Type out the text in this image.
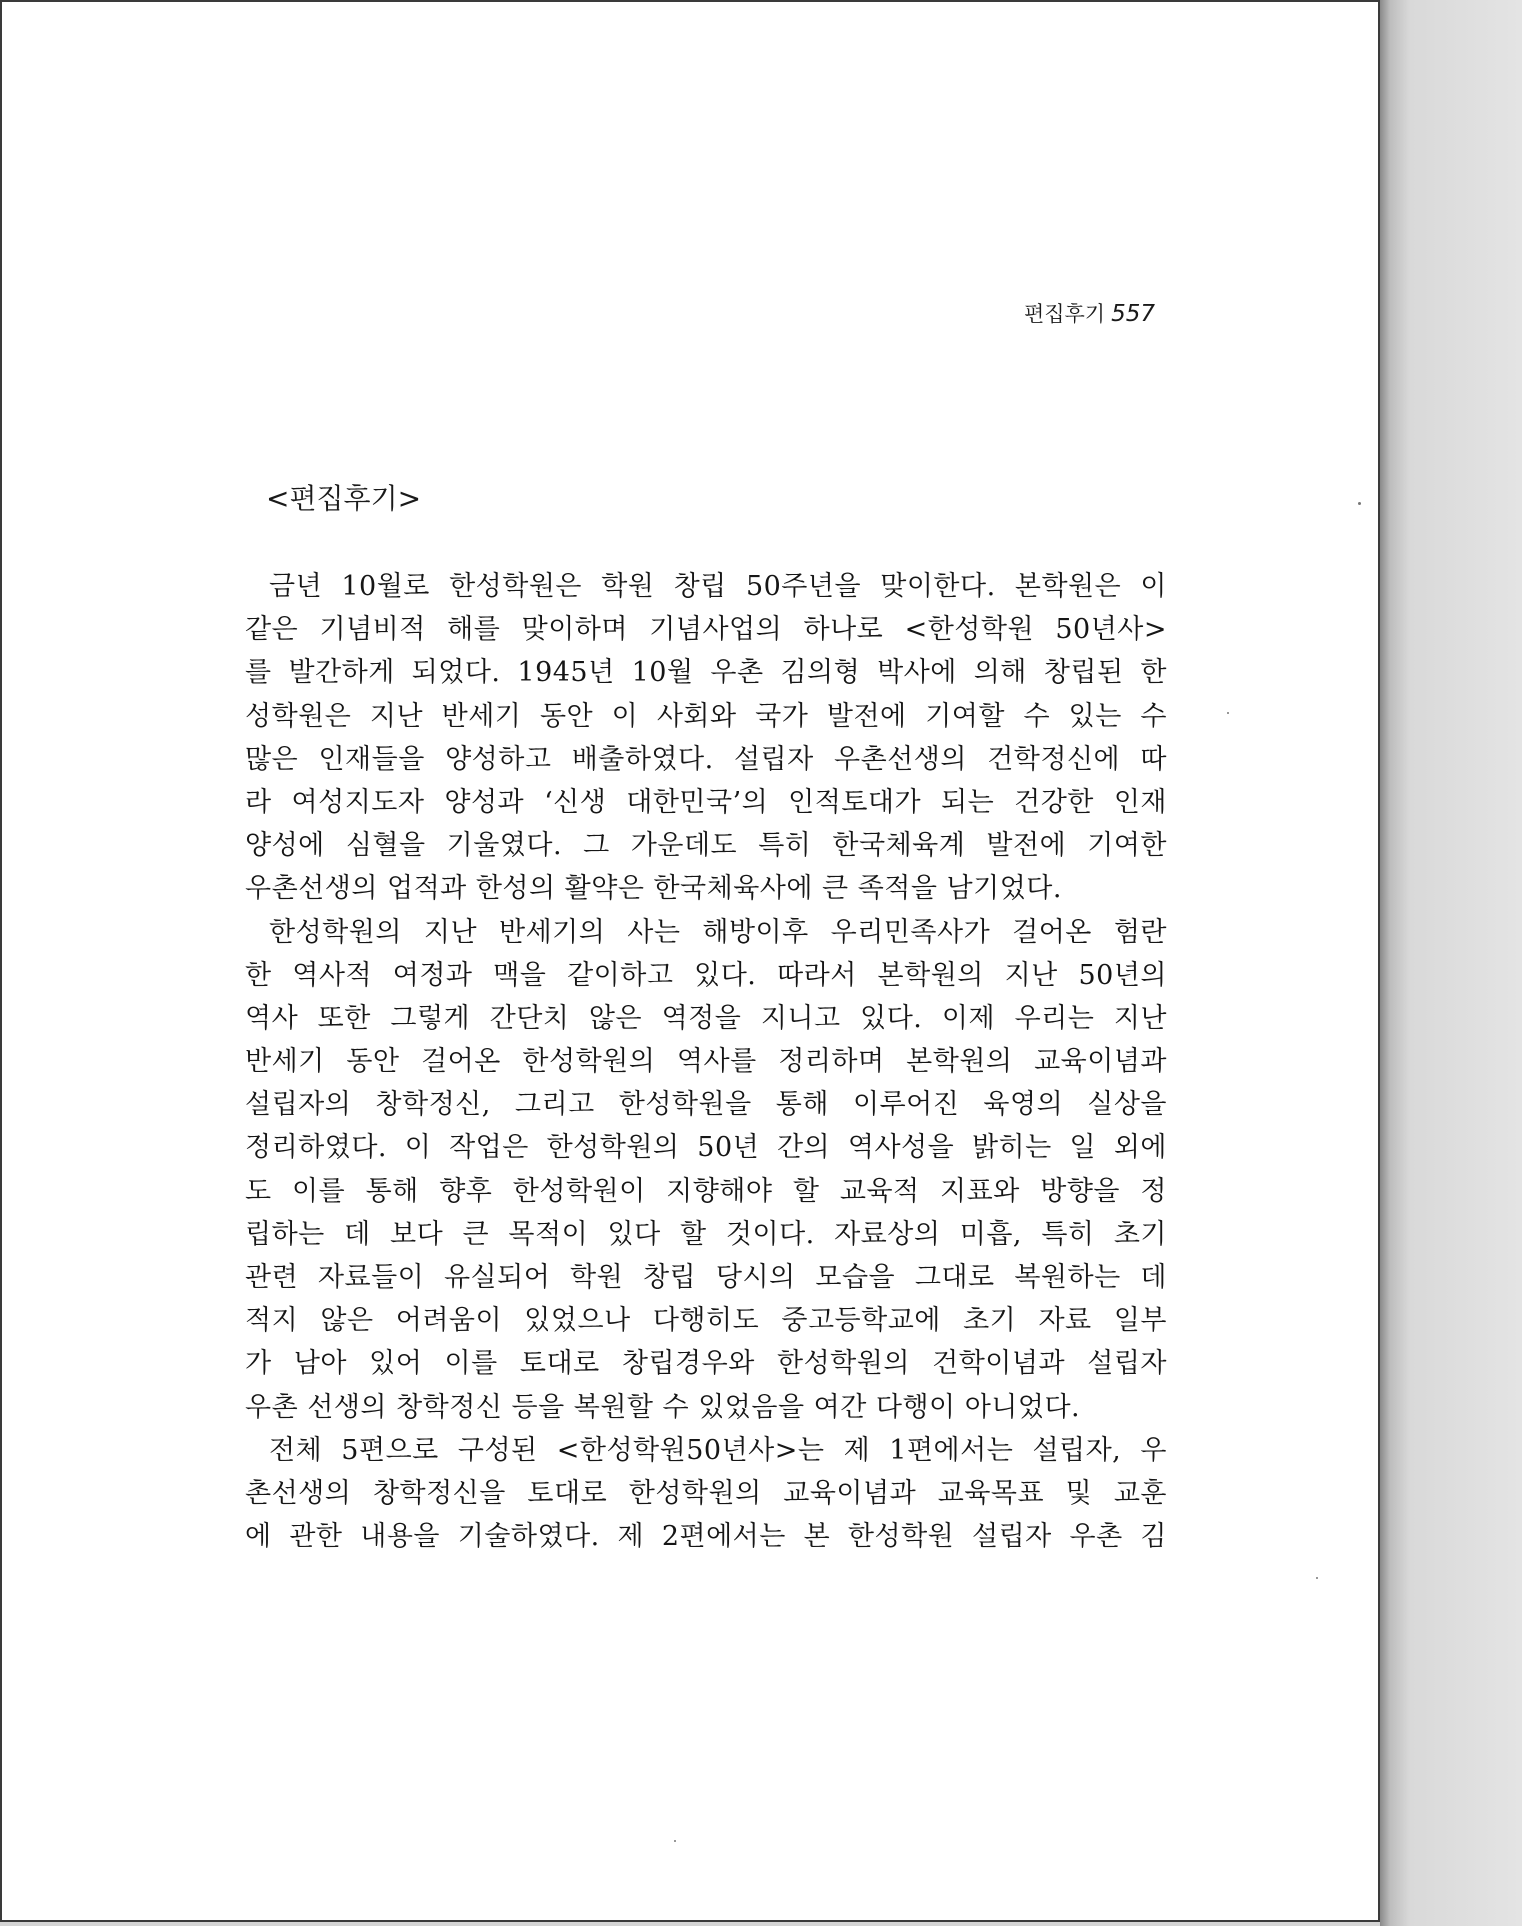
편집후기 557
<편집후기>
금년 10월로 한성학원은 학원 창립 50주년을 맞이한다. 본학원은 이
같은 기념비적 해를 맞이하며 기념사업의 하나로 <한성학원 50년사>
를 발간하게 되었다. 1945년 10월 우촌 김의형 박사에 의해 창립된 한
성학원은 지난 반세기 동안 이 사회와 국가 발전에 기여할 수 있는 수
많은 인재들을 양성하고 배출하였다. 설립자 우촌선생의 건학정신에 따
라 여성지도자 양성과 ‘신생 대한민국’의 인적토대가 되는 건강한 인재
양성에 심혈을 기울였다. 그 가운데도 특히 한국체육계 발전에 기여한
우촌선생의 업적과 한성의 활약은 한국체육사에 큰 족적을 남기었다.
한성학원의 지난 반세기의 사는 해방이후 우리민족사가 걸어온 험란
한 역사적 여정과 맥을 같이하고 있다. 따라서 본학원의 지난 50년의
역사 또한 그렇게 간단치 않은 역정을 지니고 있다. 이제 우리는 지난
반세기 동안 걸어온 한성학원의 역사를 정리하며 본학원의 교육이념과
설립자의 창학정신, 그리고 한성학원을 통해 이루어진 육영의 실상을
정리하였다. 이 작업은 한성학원의 50년 간의 역사성을 밝히는 일 외에
도 이를 통해 향후 한성학원이 지향해야 할 교육적 지표와 방향을 정
립하는 데 보다 큰 목적이 있다 할 것이다. 자료상의 미흡, 특히 초기
관련 자료들이 유실되어 학원 창립 당시의 모습을 그대로 복원하는 데
적지 않은 어려움이 있었으나 다행히도 중고등학교에 초기 자료 일부
가 남아 있어 이를 토대로 창립경우와 한성학원의 건학이념과 설립자
우촌 선생의 창학정신 등을 복원할 수 있었음을 여간 다행이 아니었다.
전체 5편으로 구성된 <한성학원50년사>는 제 1편에서는 설립자, 우
촌선생의 창학정신을 토대로 한성학원의 교육이념과 교육목표 및 교훈
에 관한 내용을 기술하였다. 제 2편에서는 본 한성학원 설립자 우촌 김
